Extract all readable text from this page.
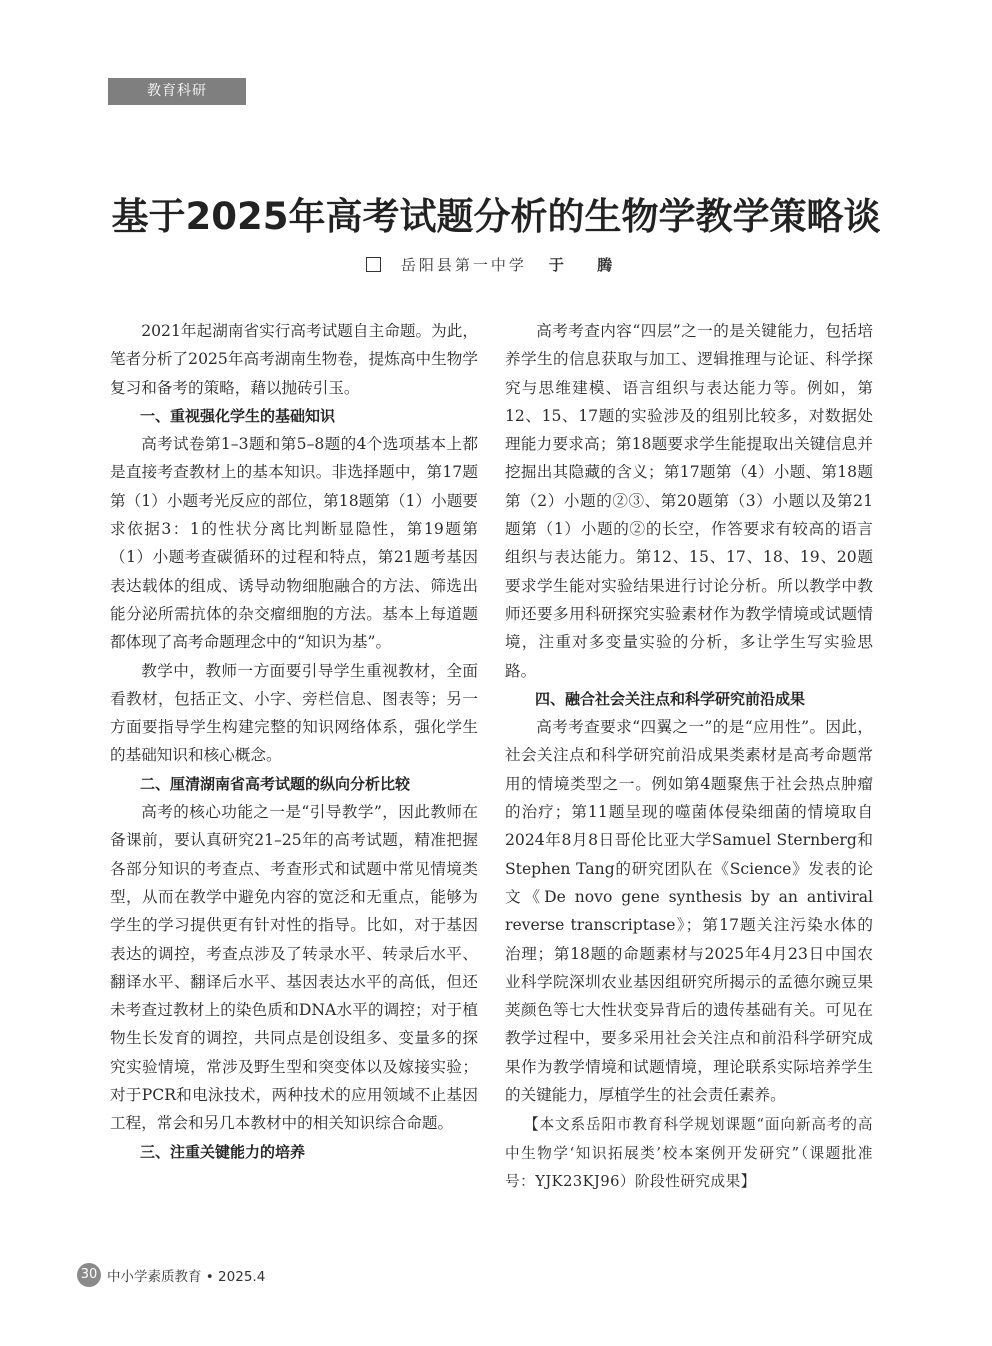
教育科研
基于2025年高考试题分析的生物学教学策略谈
岳阳县第一中学 于 腾

2021年起湖南省实行高考试题自主命题。为此，笔者分析了2025年高考湖南生物卷，提炼高中生物学复习和备考的策略，藉以抛砖引玉。

一、重视强化学生的基础知识

高考试卷第1–3题和第5–8题的4个选项基本上都是直接考查教材上的基本知识。非选择题中，第17题第（1）小题考光反应的部位，第18题第（1）小题要求依据3：1的性状分离比判断显隐性，第19题第（1）小题考查碳循环的过程和特点，第21题考基因表达载体的组成、诱导动物细胞融合的方法、筛选出能分泌所需抗体的杂交瘤细胞的方法。基本上每道题都体现了高考命题理念中的“知识为基”。

教学中，教师一方面要引导学生重视教材，全面看教材，包括正文、小字、旁栏信息、图表等；另一方面要指导学生构建完整的知识网络体系，强化学生的基础知识和核心概念。

二、厘清湖南省高考试题的纵向分析比较

高考的核心功能之一是“引导教学”，因此教师在备课前，要认真研究21–25年的高考试题，精准把握各部分知识的考查点、考查形式和试题中常见情境类型，从而在教学中避免内容的宽泛和无重点，能够为学生的学习提供更有针对性的指导。比如，对于基因表达的调控，考查点涉及了转录水平、转录后水平、翻译水平、翻译后水平、基因表达水平的高低，但还未考查过教材上的染色质和DNA水平的调控；对于植物生长发育的调控，共同点是创设组多、变量多的探究实验情境，常涉及野生型和突变体以及嫁接实验；对于PCR和电泳技术，两种技术的应用领域不止基因工程，常会和另几本教材中的相关知识综合命题。

三、注重关键能力的培养

高考考查内容“四层”之一的是关键能力，包括培养学生的信息获取与加工、逻辑推理与论证、科学探究与思维建模、语言组织与表达能力等。例如，第12、15、17题的实验涉及的组别比较多，对数据处理能力要求高；第18题要求学生能提取出关键信息并挖掘出其隐藏的含义；第17题第（4）小题、第18题第（2）小题的②③、第20题第（3）小题以及第21题第（1）小题的②的长空，作答要求有较高的语言组织与表达能力。第12、15、17、18、19、20题要求学生能对实验结果进行讨论分析。所以教学中教师还要多用科研探究实验素材作为教学情境或试题情境，注重对多变量实验的分析，多让学生写实验思路。

四、融合社会关注点和科学研究前沿成果

高考考查要求“四翼之一”的是“应用性”。因此，社会关注点和科学研究前沿成果类素材是高考命题常用的情境类型之一。例如第4题聚焦于社会热点肿瘤的治疗；第11题呈现的噬菌体侵染细菌的情境取自2024年8月8日哥伦比亚大学Samuel Sternberg和Stephen Tang的研究团队在《Science》发表的论文《De novo gene synthesis by an antiviral reverse transcriptase》；第17题关注污染水体的治理；第18题的命题素材与2025年4月23日中国农业科学院深圳农业基因组研究所揭示的孟德尔豌豆果荚颜色等七大性状变异背后的遗传基础有关。可见在教学过程中，要多采用社会关注点和前沿科学研究成果作为教学情境和试题情境，理论联系实际培养学生的关键能力，厚植学生的社会责任素养。

【本文系岳阳市教育科学规划课题“面向新高考的高中生物学‘知识拓展类’校本案例开发研究”（课题批准号：YJK23KJ96）阶段性研究成果】

30 中小学素质教育 • 2025.4
